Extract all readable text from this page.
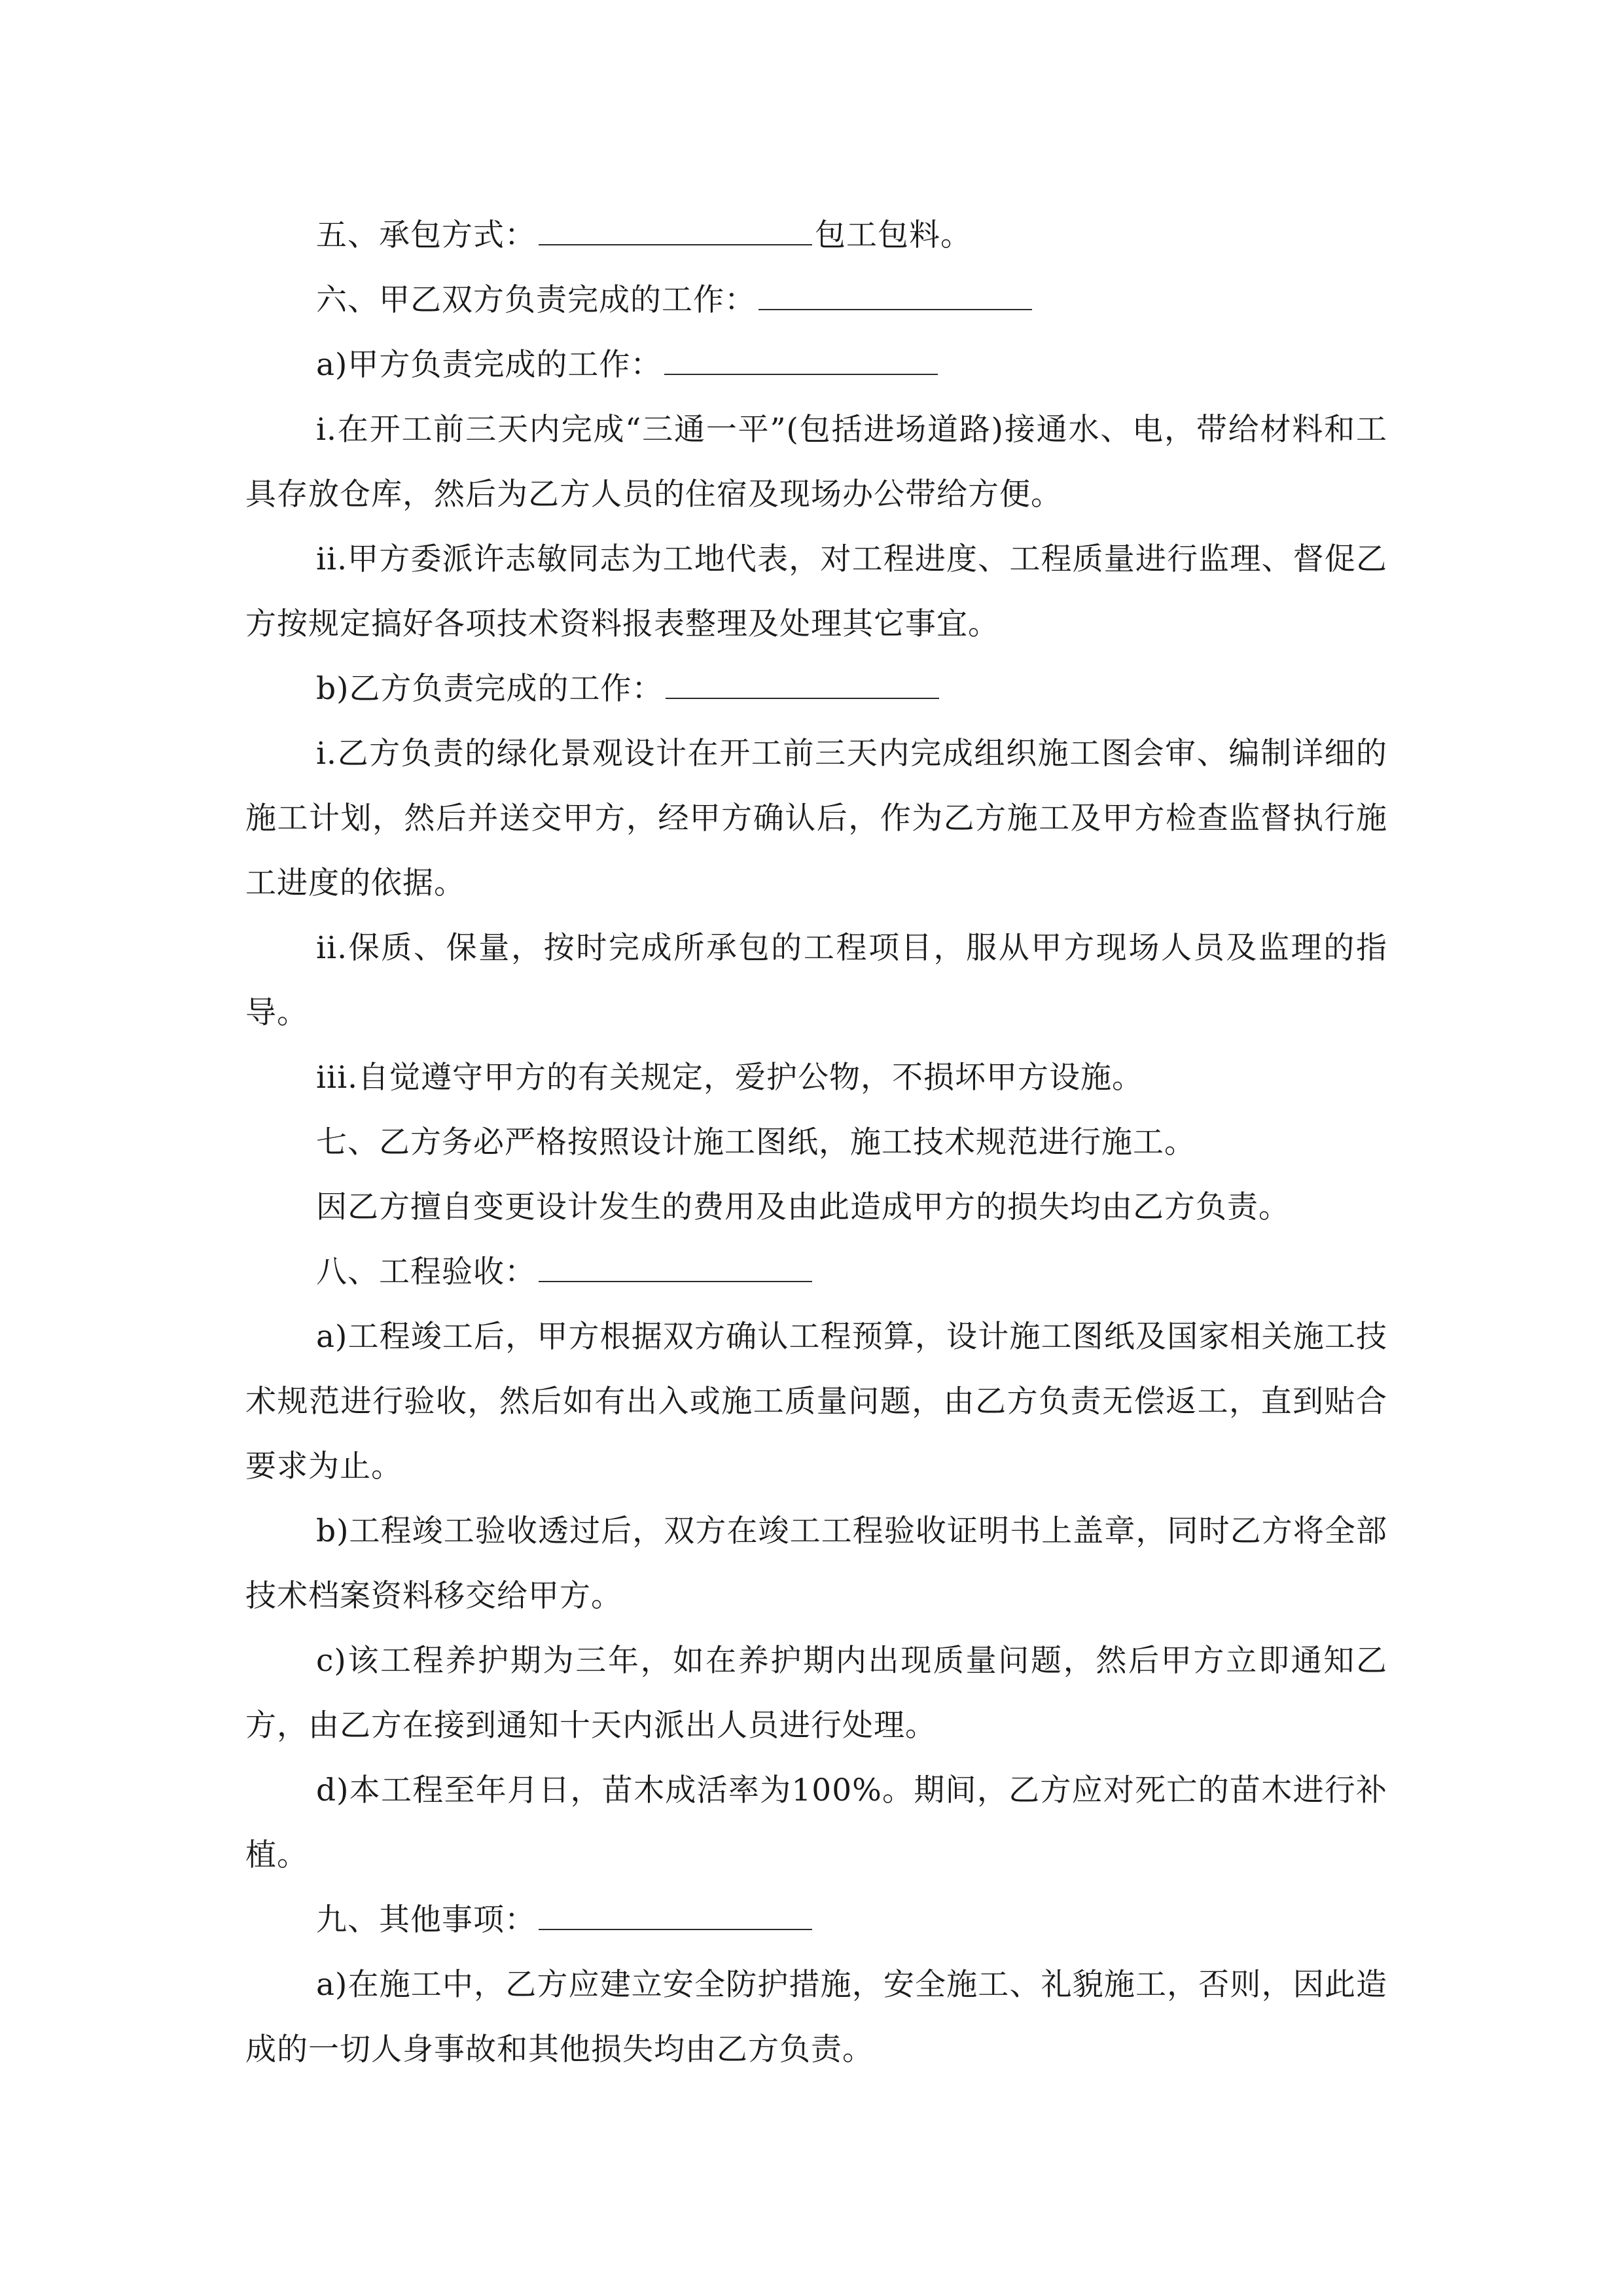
五、承包方式：	包工包料。

六、甲乙双方负责完成的工作：

a)甲方负责完成的工作：

i.在开工前三天内完成“三通一平”(包括进场道路)接通水、电，带给材料和工具存放仓库，然后为乙方人员的住宿及现场办公带给方便。

ii.甲方委派许志敏同志为工地代表，对工程进度、工程质量进行监理、督促乙方按规定搞好各项技术资料报表整理及处理其它事宜。

b)乙方负责完成的工作：

i.乙方负责的绿化景观设计在开工前三天内完成组织施工图会审、编制详细的施工计划，然后并送交甲方，经甲方确认后，作为乙方施工及甲方检查监督执行施工进度的依据。

ii.保质、保量，按时完成所承包的工程项目，服从甲方现场人员及监理的指导。

iii.自觉遵守甲方的有关规定，爱护公物，不损坏甲方设施。

七、乙方务必严格按照设计施工图纸，施工技术规范进行施工。

因乙方擅自变更设计发生的费用及由此造成甲方的损失均由乙方负责。

八、工程验收：

a)工程竣工后，甲方根据双方确认工程预算，设计施工图纸及国家相关施工技术规范进行验收，然后如有出入或施工质量问题，由乙方负责无偿返工，直到贴合要求为止。

b)工程竣工验收透过后，双方在竣工工程验收证明书上盖章，同时乙方将全部技术档案资料移交给甲方。

c)该工程养护期为三年，如在养护期内出现质量问题，然后甲方立即通知乙方，由乙方在接到通知十天内派出人员进行处理。

d)本工程至年月日，苗木成活率为100%。期间，乙方应对死亡的苗木进行补植。

九、其他事项：

a)在施工中，乙方应建立安全防护措施，安全施工、礼貌施工，否则，因此造成的一切人身事故和其他损失均由乙方负责。
